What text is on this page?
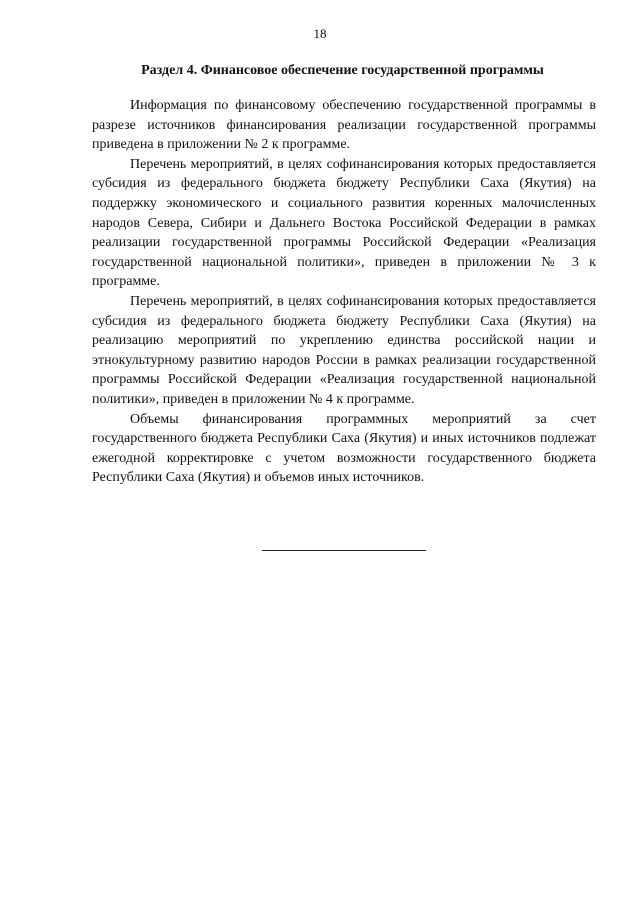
18
Раздел 4. Финансовое обеспечение государственной программы

Информация по финансовому обеспечению государственной программы в разрезе источников финансирования реализации государственной программы приведена в приложении № 2 к программе.

Перечень мероприятий, в целях софинансирования которых предоставляется субсидия из федерального бюджета бюджету Республики Саха (Якутия) на поддержку экономического и социального развития коренных малочисленных народов Севера, Сибири и Дальнего Востока Российской Федерации в рамках реализации государственной программы Российской Федерации «Реализация государственной национальной политики», приведен в приложении № 3 к программе.

Перечень мероприятий, в целях софинансирования которых предоставляется субсидия из федерального бюджета бюджету Республики Саха (Якутия) на реализацию мероприятий по укреплению единства российской нации и этнокультурному развитию народов России в рамках реализации государственной программы Российской Федерации «Реализация государственной национальной политики», приведен в приложении № 4 к программе.

Объемы финансирования программных мероприятий за счет государственного бюджета Республики Саха (Якутия) и иных источников подлежат ежегодной корректировке с учетом возможности государственного бюджета Республики Саха (Якутия) и объемов иных источников.
